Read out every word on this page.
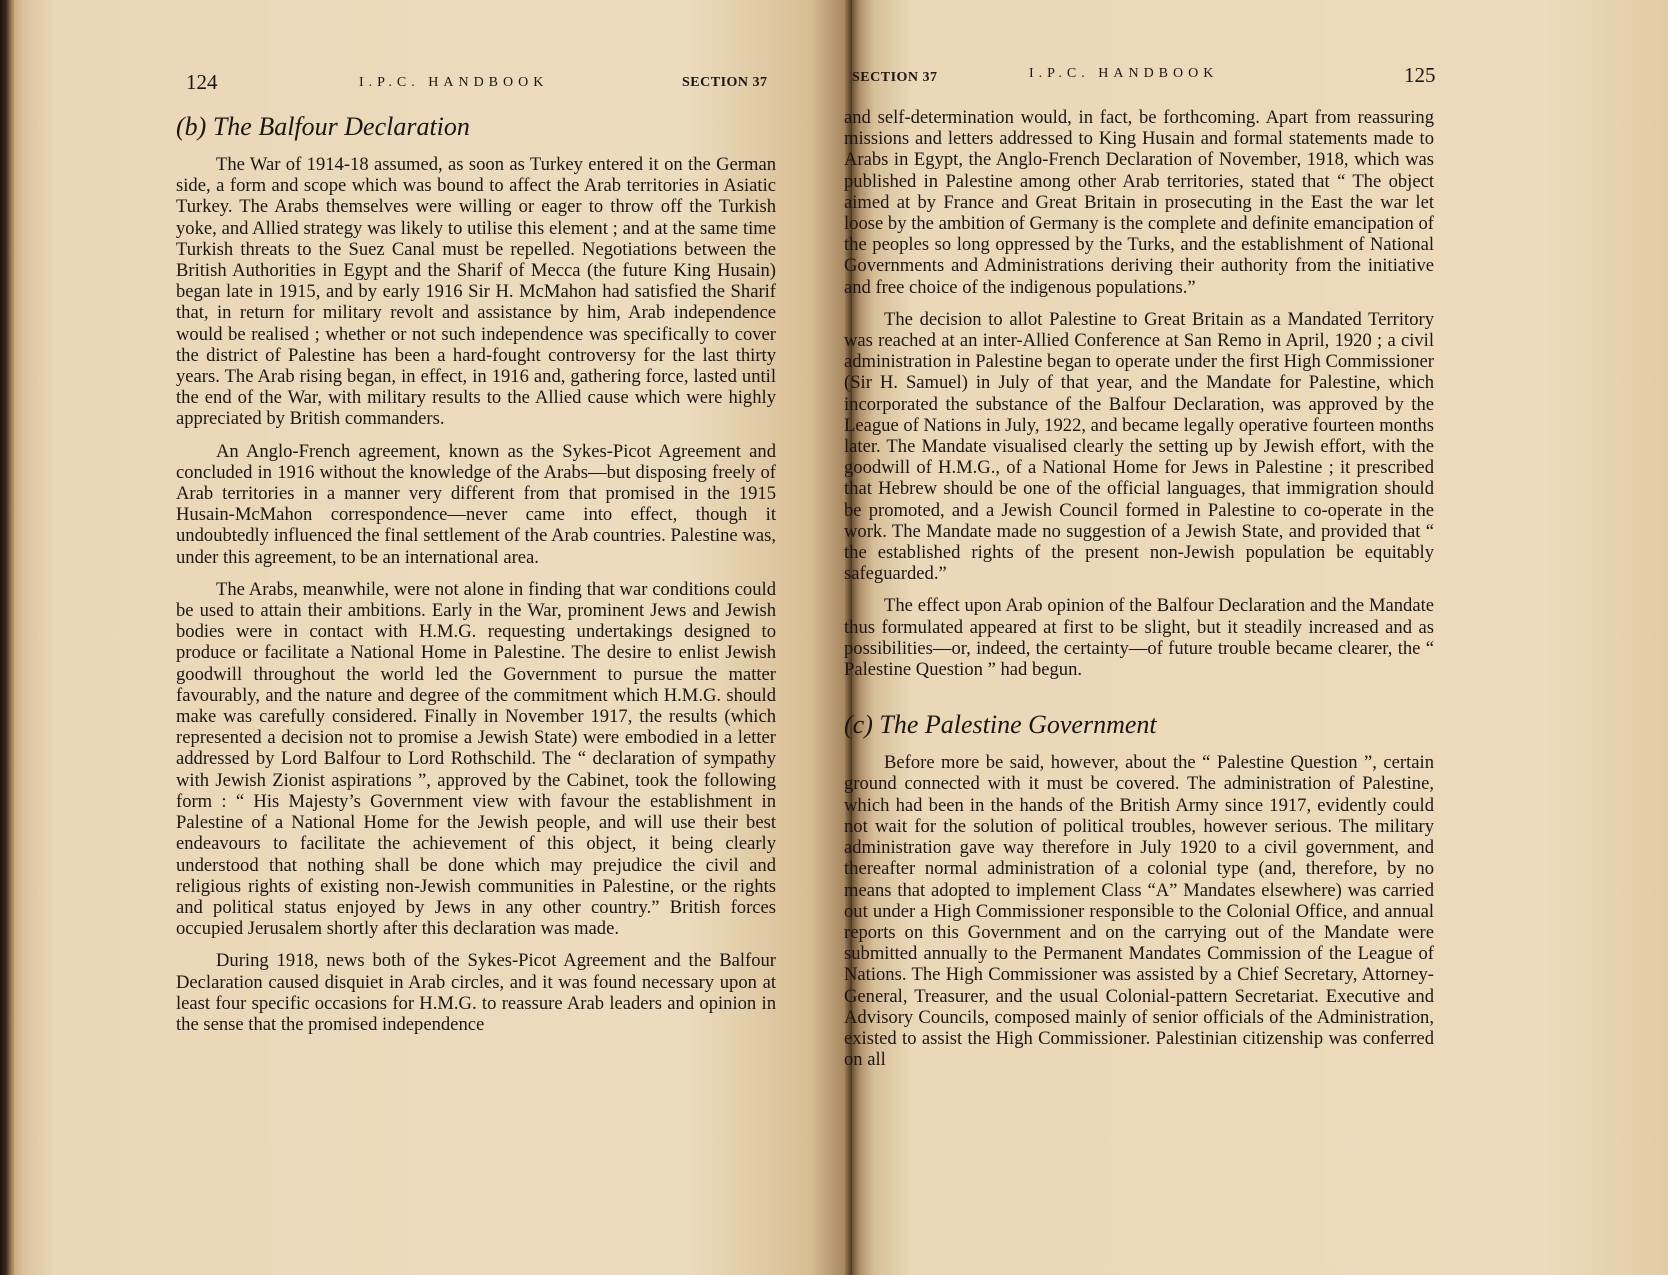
124	I.P.C. HANDBOOK	SECTION 37
(b) The Balfour Declaration

The War of 1914-18 assumed, as soon as Turkey entered it on the German side, a form and scope which was bound to affect the Arab territories in Asiatic Turkey. The Arabs themselves were willing or eager to throw off the Turkish yoke, and Allied strategy was likely to utilise this element ; and at the same time Turkish threats to the Suez Canal must be repelled. Negotiations between the British Authorities in Egypt and the Sharif of Mecca (the future King Husain) began late in 1915, and by early 1916 Sir H. McMahon had satisfied the Sharif that, in return for military revolt and assistance by him, Arab independence would be realised ; whether or not such independence was specifically to cover the district of Palestine has been a hard-fought controversy for the last thirty years. The Arab rising began, in effect, in 1916 and, gathering force, lasted until the end of the War, with military results to the Allied cause which were highly appreciated by British commanders.

An Anglo-French agreement, known as the Sykes-Picot Agreement and concluded in 1916 without the knowledge of the Arabs—but disposing freely of Arab territories in a manner very different from that promised in the 1915 Husain-McMahon correspondence—never came into effect, though it undoubtedly influenced the final settlement of the Arab countries. Palestine was, under this agreement, to be an international area.

The Arabs, meanwhile, were not alone in finding that war conditions could be used to attain their ambitions. Early in the War, prominent Jews and Jewish bodies were in contact with H.M.G. requesting undertakings designed to produce or facilitate a National Home in Palestine. The desire to enlist Jewish goodwill throughout the world led the Government to pursue the matter favourably, and the nature and degree of the commitment which H.M.G. should make was carefully considered. Finally in November 1917, the results (which represented a decision not to promise a Jewish State) were embodied in a letter addressed by Lord Balfour to Lord Rothschild. The “ declaration of sympathy with Jewish Zionist aspirations ”, approved by the Cabinet, took the following form : “ His Majesty’s Government view with favour the establishment in Palestine of a National Home for the Jewish people, and will use their best endeavours to facilitate the achievement of this object, it being clearly understood that nothing shall be done which may prejudice the civil and religious rights of existing non-Jewish communities in Palestine, or the rights and political status enjoyed by Jews in any other country.” British forces occupied Jerusalem shortly after this declaration was made.

During 1918, news both of the Sykes-Picot Agreement and the Balfour Declaration caused disquiet in Arab circles, and it was found necessary upon at least four specific occasions for H.M.G. to reassure Arab leaders and opinion in the sense that the promised independence

SECTION 37	I.P.C. HANDBOOK	125

and self-determination would, in fact, be forthcoming. Apart from reassuring missions and letters addressed to King Husain and formal statements made to Arabs in Egypt, the Anglo-French Declaration of November, 1918, which was published in Palestine among other Arab territories, stated that “ The object aimed at by France and Great Britain in prosecuting in the East the war let loose by the ambition of Germany is the complete and definite emancipation of the peoples so long oppressed by the Turks, and the establishment of National Governments and Administrations deriving their authority from the initiative and free choice of the indigenous populations.”

The decision to allot Palestine to Great Britain as a Mandated Territory was reached at an inter-Allied Conference at San Remo in April, 1920 ; a civil administration in Palestine began to operate under the first High Commissioner (Sir H. Samuel) in July of that year, and the Mandate for Palestine, which incorporated the substance of the Balfour Declaration, was approved by the League of Nations in July, 1922, and became legally operative fourteen months later. The Mandate visualised clearly the setting up by Jewish effort, with the goodwill of H.M.G., of a National Home for Jews in Palestine ; it prescribed that Hebrew should be one of the official languages, that immigration should be promoted, and a Jewish Council formed in Palestine to co-operate in the work. The Mandate made no suggestion of a Jewish State, and provided that “ the established rights of the present non-Jewish population be equitably safeguarded.”

The effect upon Arab opinion of the Balfour Declaration and the Mandate thus formulated appeared at first to be slight, but it steadily increased and as possibilities—or, indeed, the certainty—of future trouble became clearer, the “ Palestine Question ” had begun.

(c) The Palestine Government

Before more be said, however, about the “ Palestine Question ”, certain ground connected with it must be covered. The administration of Palestine, which had been in the hands of the British Army since 1917, evidently could not wait for the solution of political troubles, however serious. The military administration gave way therefore in July 1920 to a civil government, and thereafter normal administration of a colonial type (and, therefore, by no means that adopted to implement Class “A” Mandates elsewhere) was carried out under a High Commissioner responsible to the Colonial Office, and annual reports on this Government and on the carrying out of the Mandate were submitted annually to the Permanent Mandates Commission of the League of Nations. The High Commissioner was assisted by a Chief Secretary, Attorney-General, Treasurer, and the usual Colonial-pattern Secretariat. Executive and Advisory Councils, composed mainly of senior officials of the Administration, existed to assist the High Commissioner. Palestinian citizenship was conferred on all
